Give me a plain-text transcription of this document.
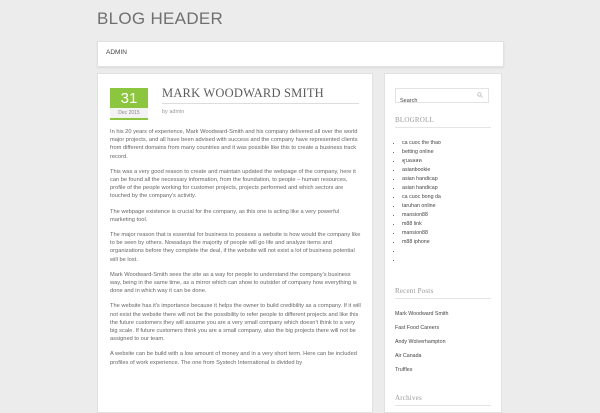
BLOG HEADER
ADMIN
31
Dec 2015
MARK WOODWARD SMITH
by admin

In his 20 years of experience, Mark Woodward-Smith and his company delivered all over the world major projects, and all have been advised with success and the company have represented clients from different domains from many countries and it was possible like this to create a business track record.

This was a very good reason to create and maintain updated the webpage of the company, here it can be found all the necessary information, from the foundation, to people – human resources, profile of the people working for customer projects, projects performed and which sectors are touched by the company's activity.

The webpage existence is crucial for the company, as this one is acting like a very powerful marketing tool.

The major reason that is essential for business to possess a website is how would the company like to be seen by others. Nowadays the majority of people will go life and analyze items and organizations before they complete the deal, if the website will not exist a lot of business potential will be lost.

Mark Woodward-Smith sees the site as a way for people to understand the company's business way, being in the same time, as a mirror which can show to outsider of company how everything is done and in which way it can be done.

The website has it's importance because it helps the owner to build credibility as a company. If it will not exist the website there will not be the possibility to refer people to different projects and like this the future customers they will assume you are a very small company which doesn't think to a very big scale. If future customers think you are a small company, also the big projects there will not be assigned to our team.

A website can be build with a low amount of money and in a very short term. Here can be included profiles of work experience. The one from Systech International is divided by

Search
BLOGROLL
• ca cuoc the thao
• betting online
• ดูบอลสด
• asianbookie
• asian handicap
• asian handicap
• ca cuoc bong da
• taruhan online
• mansion88
• m88 link
• mansion88
• m88 iphone
•
•
Recent Posts
Mark Woodward Smith
Fast Food Careers
Andy Wolverhampton
Air Canada
Truffles
Archives
